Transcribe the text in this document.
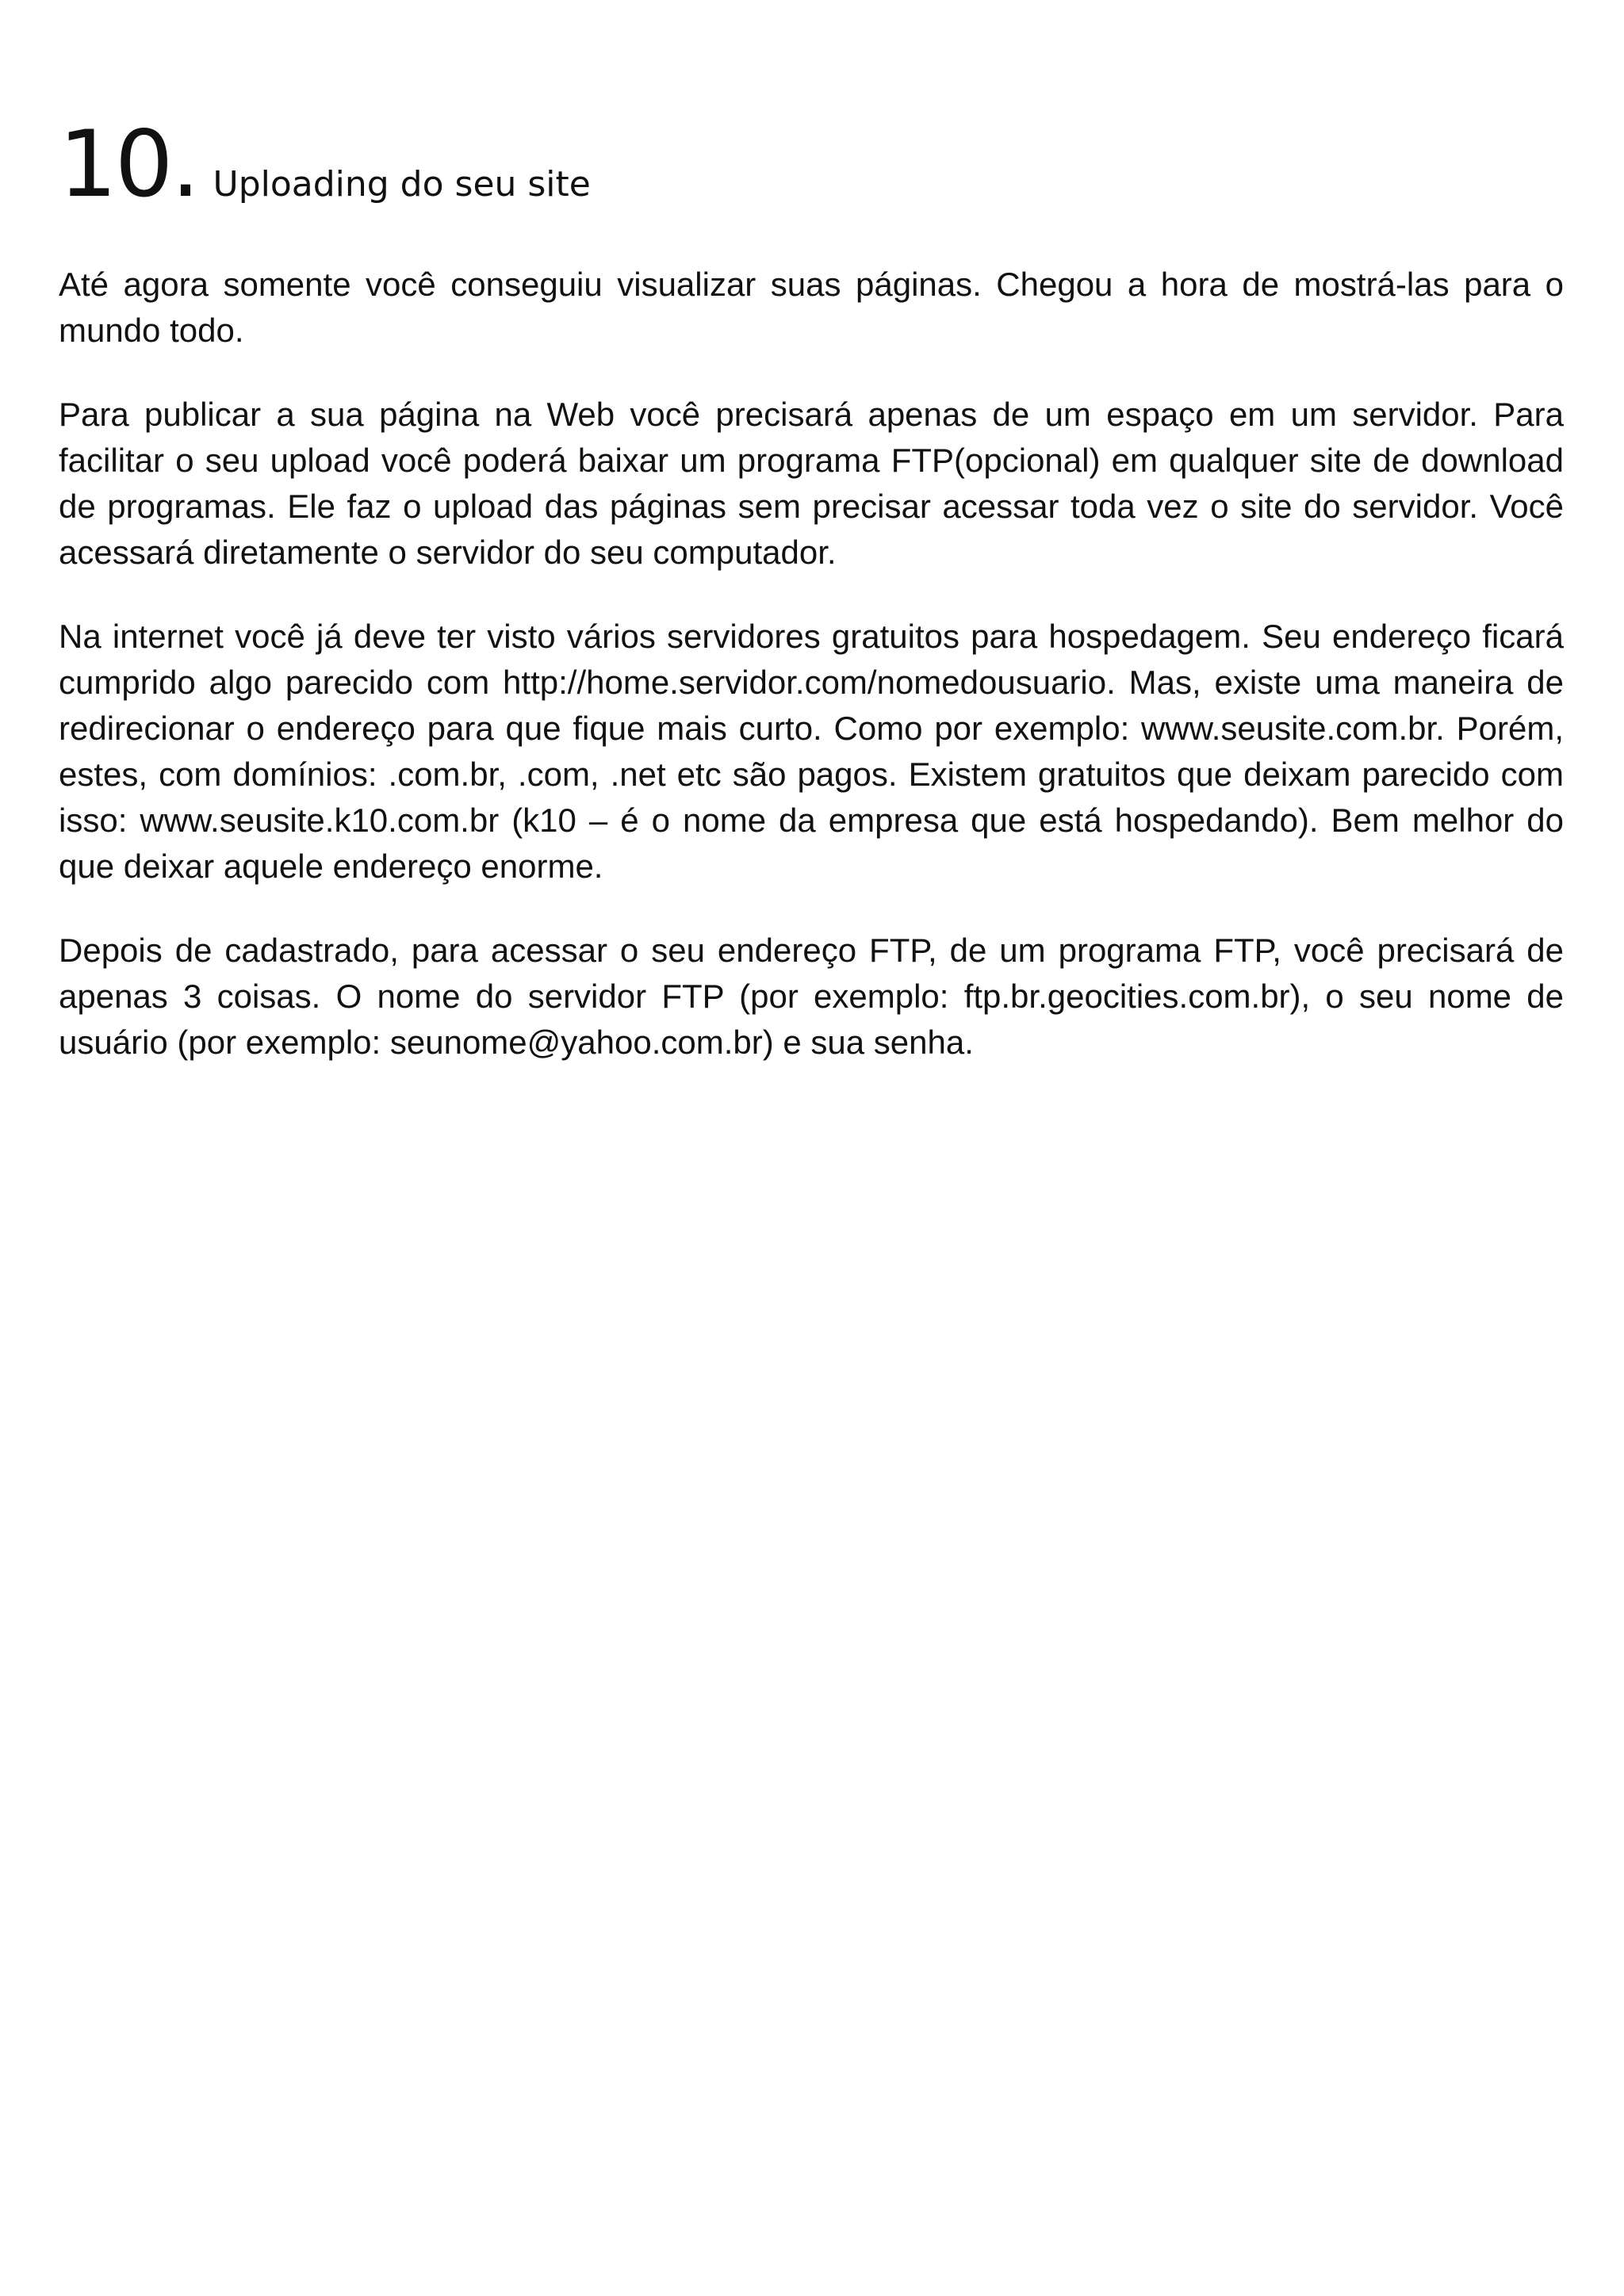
10 . Uploading do seu site

Até agora somente você conseguiu visualizar suas páginas. Chegou a hora de mostrá-las para o mundo todo.

Para publicar a sua página na Web você precisará apenas de um espaço em um servidor. Para facilitar o seu upload você poderá baixar um programa FTP(opcional) em qualquer site de download de programas. Ele faz o upload das páginas sem precisar acessar toda vez o site do servidor. Você acessará diretamente o servidor do seu computador.

Na internet você já deve ter visto vários servidores gratuitos para hospedagem. Seu endereço ficará cumprido algo parecido com http://home.servidor.com/nomedousuario. Mas, existe uma maneira de redirecionar o endereço para que fique mais curto. Como por exemplo: www.seusite.com.br. Porém, estes, com domínios: .com.br, .com, .net etc são pagos. Existem gratuitos que deixam parecido com isso: www.seusite.k10.com.br (k10 – é o nome da empresa que está hospedando). Bem melhor do que deixar aquele endereço enorme.

Depois de cadastrado, para acessar o seu endereço FTP, de um programa FTP, você precisará de apenas 3 coisas. O nome do servidor FTP (por exemplo: ftp.br.geocities.com.br), o seu nome de usuário (por exemplo: seunome@yahoo.com.br) e sua senha.
